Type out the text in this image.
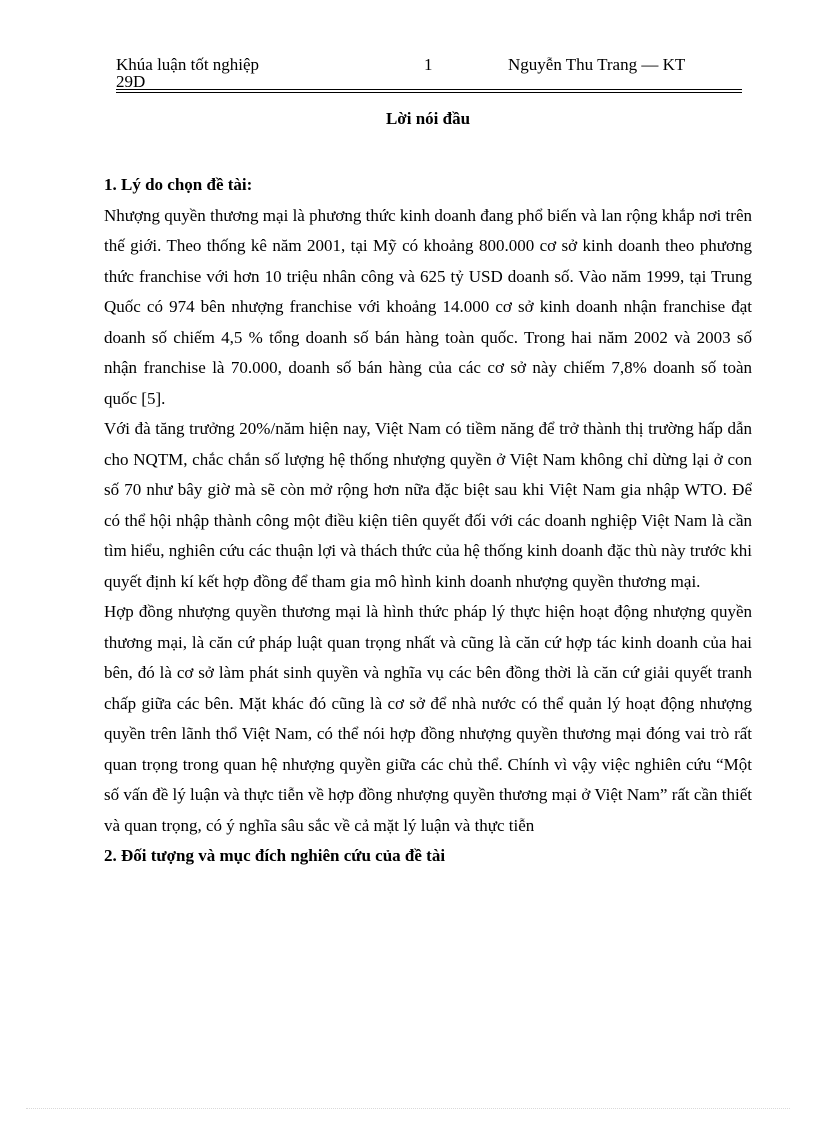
Khúa luận tốt nghiệp
29D
1	Nguyễn Thu Trang — KT
Lời nói đầu

1. Lý do chọn đề tài:

Nhượng quyền thương mại là phương thức kinh doanh đang phổ biến và lan rộng khắp nơi trên thế giới. Theo thống kê năm 2001, tại Mỹ có khoảng 800.000 cơ sở kinh doanh theo phương thức franchise với hơn 10 triệu nhân công và 625 tỷ USD doanh số. Vào năm 1999, tại Trung Quốc có 974 bên nhượng franchise với khoảng 14.000 cơ sở kinh doanh nhận franchise đạt doanh số chiếm 4,5 % tổng doanh số bán hàng toàn quốc. Trong hai năm 2002 và 2003 số nhận franchise là 70.000, doanh số bán hàng của các cơ sở này chiếm 7,8% doanh số toàn quốc [5].

Với đà tăng trưởng 20%/năm hiện nay, Việt Nam có tiềm năng để trở thành thị trường hấp dẫn cho NQTM, chắc chắn số lượng hệ thống nhượng quyền ở Việt Nam không chỉ dừng lại ở con số 70 như bây giờ mà sẽ còn mở rộng hơn nữa đặc biệt sau khi Việt Nam gia nhập WTO. Để có thể hội nhập thành công một điều kiện tiên quyết đối với các doanh nghiệp Việt Nam là cần tìm hiểu, nghiên cứu các thuận lợi và thách thức của hệ thống kinh doanh đặc thù này trước khi quyết định kí kết hợp đồng để tham gia mô hình kinh doanh nhượng quyền thương mại.

Hợp đồng nhượng quyền thương mại là hình thức pháp lý thực hiện hoạt động nhượng quyền thương mại, là căn cứ pháp luật quan trọng nhất và cũng là căn cứ hợp tác kinh doanh của hai bên, đó là cơ sở làm phát sinh quyền và nghĩa vụ các bên đồng thời là căn cứ giải quyết tranh chấp giữa các bên. Mặt khác đó cũng là cơ sở để nhà nước có thể quản lý hoạt động nhượng quyền trên lãnh thổ Việt Nam, có thể nói hợp đồng nhượng quyền thương mại đóng vai trò rất quan trọng trong quan hệ nhượng quyền giữa các chủ thể. Chính vì vậy việc nghiên cứu “Một số vấn đề lý luận và thực tiễn về hợp đồng nhượng quyền thương mại ở Việt Nam” rất cần thiết và quan trọng, có ý nghĩa sâu sắc về cả mặt lý luận và thực tiễn

2. Đối tượng và mục đích nghiên cứu của đề tài
